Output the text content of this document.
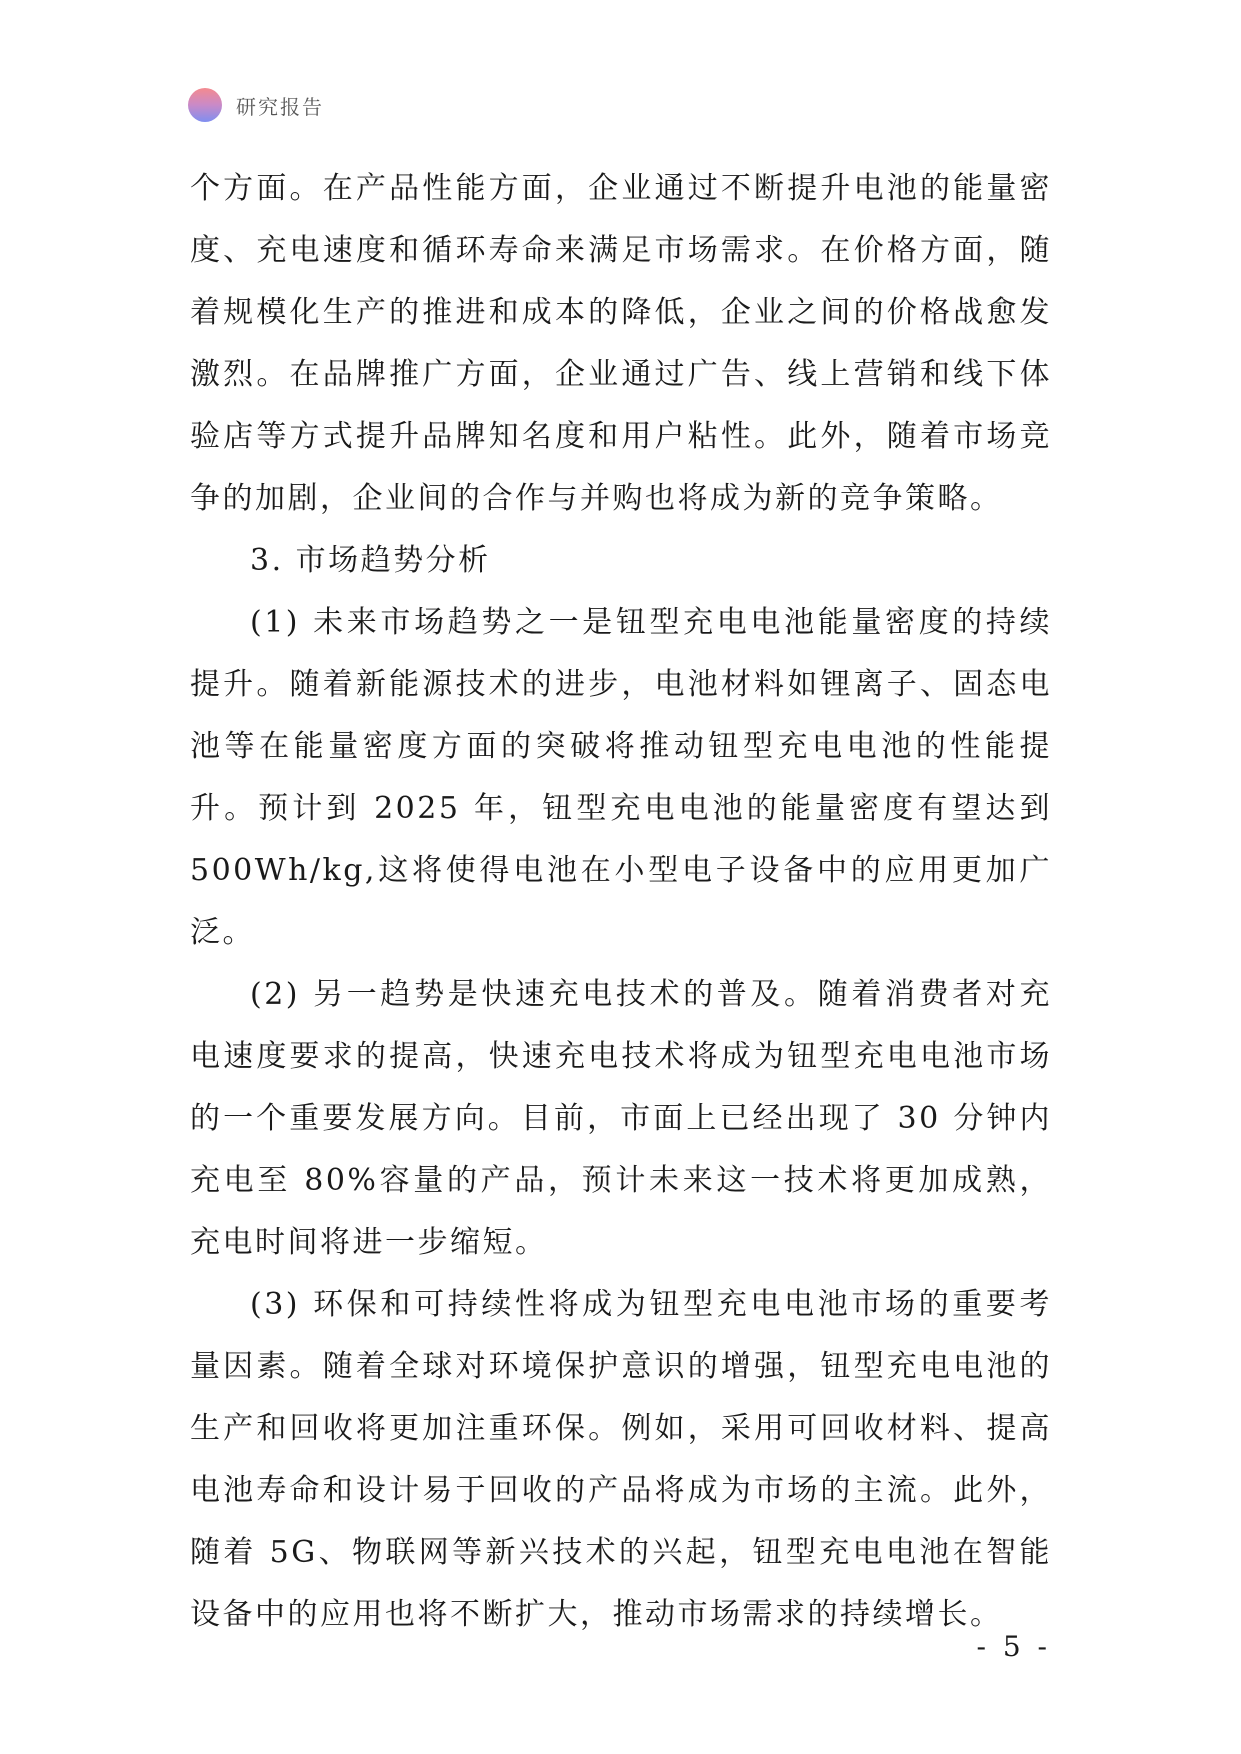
研究报告

个方面。在产品性能方面，企业通过不断提升电池的能量密度、充电速度和循环寿命来满足市场需求。在价格方面，随着规模化生产的推进和成本的降低，企业之间的价格战愈发激烈。在品牌推广方面，企业通过广告、线上营销和线下体验店等方式提升品牌知名度和用户粘性。此外，随着市场竞争的加剧，企业间的合作与并购也将成为新的竞争策略。

3. 市场趋势分析

(1) 未来市场趋势之一是钮型充电电池能量密度的持续提升。随着新能源技术的进步，电池材料如锂离子、固态电池等在能量密度方面的突破将推动钮型充电电池的性能提升。预计到 2025 年，钮型充电电池的能量密度有望达到 500Wh/kg,这将使得电池在小型电子设备中的应用更加广泛。

(2) 另一趋势是快速充电技术的普及。随着消费者对充电速度要求的提高，快速充电技术将成为钮型充电电池市场的一个重要发展方向。目前，市面上已经出现了 30 分钟内充电至 80%容量的产品，预计未来这一技术将更加成熟，充电时间将进一步缩短。

(3) 环保和可持续性将成为钮型充电电池市场的重要考量因素。随着全球对环境保护意识的增强，钮型充电电池的生产和回收将更加注重环保。例如，采用可回收材料、提高电池寿命和设计易于回收的产品将成为市场的主流。此外，随着 5G、物联网等新兴技术的兴起，钮型充电电池在智能设备中的应用也将不断扩大，推动市场需求的持续增长。

- 5 -
